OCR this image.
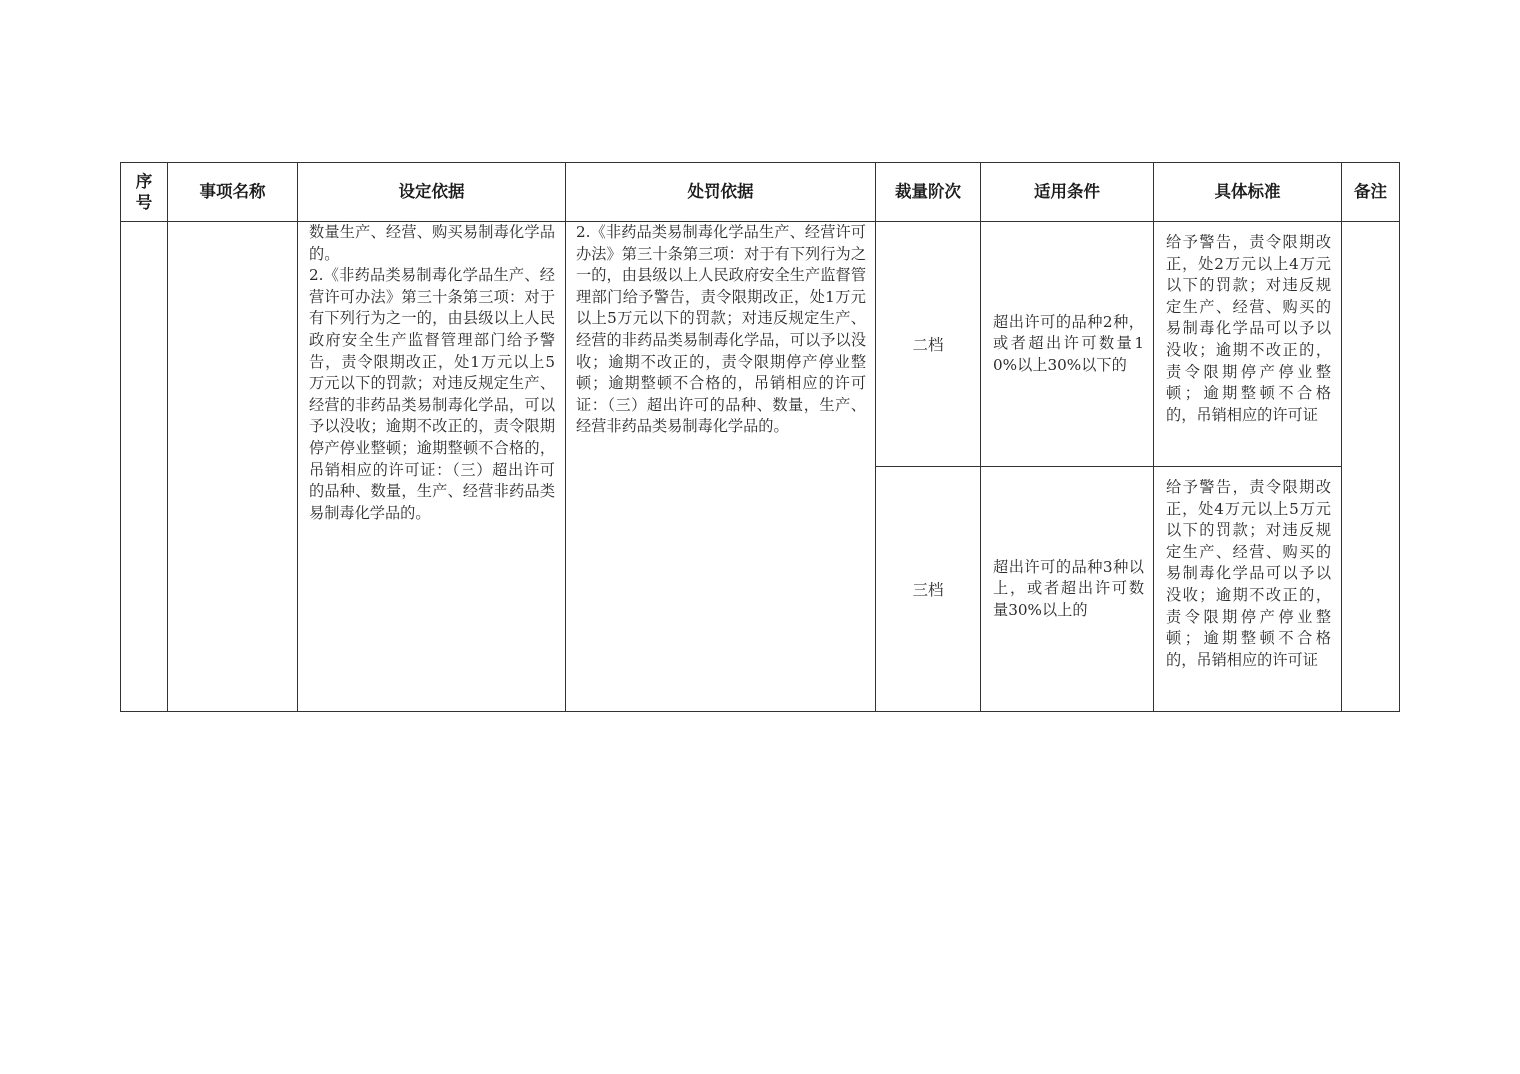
序号	事项名称	设定依据	处罚依据	裁量阶次	适用条件	具体标准	备注

		数量生产、经营、购买易制毒化学品的。
2.《非药品类易制毒化学品生产、经营许可办法》第三十条第三项：对于有下列行为之一的，由县级以上人民政府安全生产监督管理部门给予警告，责令限期改正，处1万元以上5万元以下的罚款；对违反规定生产、经营的非药品类易制毒化学品，可以予以没收；逾期不改正的，责令限期停产停业整顿；逾期整顿不合格的，吊销相应的许可证：（三）超出许可的品种、数量，生产、经营非药品类易制毒化学品的。	2.《非药品类易制毒化学品生产、经营许可办法》第三十条第三项：对于有下列行为之一的，由县级以上人民政府安全生产监督管理部门给予警告，责令限期改正，处1万元以上5万元以下的罚款；对违反规定生产、经营的非药品类易制毒化学品，可以予以没收；逾期不改正的，责令限期停产停业整顿；逾期整顿不合格的，吊销相应的许可证：（三）超出许可的品种、数量，生产、经营非药品类易制毒化学品的。	二档	超出许可的品种2种，或者超出许可数量10%以上30%以下的	给予警告，责令限期改正，处2万元以上4万元以下的罚款；对违反规定生产、经营、购买的易制毒化学品可以予以没收；逾期不改正的，责令限期停产停业整顿；逾期整顿不合格的，吊销相应的许可证	

				三档	超出许可的品种3种以上，或者超出许可数量30%以上的	给予警告，责令限期改正，处4万元以上5万元以下的罚款；对违反规定生产、经营、购买的易制毒化学品可以予以没收；逾期不改正的，责令限期停产停业整顿；逾期整顿不合格的，吊销相应的许可证	
